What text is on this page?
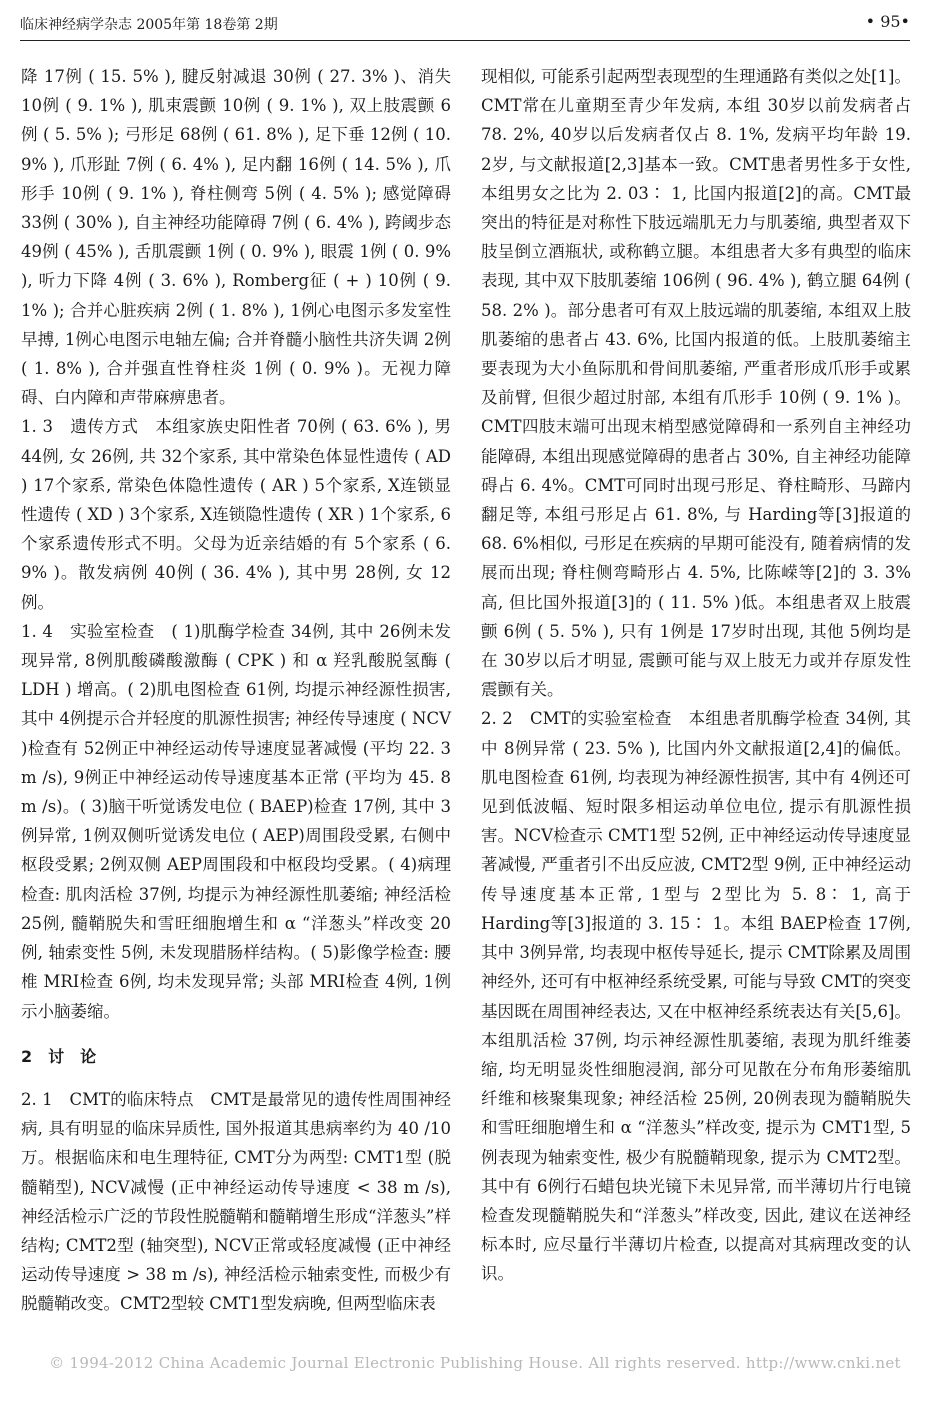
临床神经病学杂志 2005年第 18卷第 2期	• 95•

降 17例 ( 15. 5% ), 腱反射减退 30例 ( 27. 3% )、消失 10例 ( 9. 1% ), 肌束震颤 10例 ( 9. 1% ), 双上肢震颤 6例 ( 5. 5% ); 弓形足 68例 ( 61. 8% ), 足下垂 12例 ( 10. 9% ), 爪形趾 7例 ( 6. 4% ), 足内翻 16例 ( 14. 5% ), 爪形手 10例 ( 9. 1% ), 脊柱侧弯 5例 ( 4. 5% ); 感觉障碍 33例 ( 30% ), 自主神经功能障碍 7例 ( 6. 4% ), 跨阈步态 49例 ( 45% ), 舌肌震颤 1例 ( 0. 9% ), 眼震 1例 ( 0. 9% ), 听力下降 4例 ( 3. 6% ), Romberg征 ( + ) 10例 ( 9. 1% ); 合并心脏疾病 2例 ( 1. 8% ), 1例心电图示多发室性早搏, 1例心电图示电轴左偏; 合并脊髓小脑性共济失调 2例 ( 1. 8% ), 合并强直性脊柱炎 1例 ( 0. 9% )。无视力障碍、白内障和声带麻痹患者。

1. 3　遗传方式　本组家族史阳性者 70例 ( 63. 6% ), 男 44例, 女 26例, 共 32个家系, 其中常染色体显性遗传 ( AD ) 17个家系, 常染色体隐性遗传 ( AR ) 5个家系, X连锁显性遗传 ( XD ) 3个家系, X连锁隐性遗传 ( XR ) 1个家系, 6个家系遗传形式不明。父母为近亲结婚的有 5个家系 ( 6. 9% )。散发病例 40例 ( 36. 4% ), 其中男 28例, 女 12例。

1. 4　实验室检查　( 1)肌酶学检查 34例, 其中 26例未发现异常, 8例肌酸磷酸激酶 ( CPK ) 和 α 羟乳酸脱氢酶 ( LDH ) 增高。( 2)肌电图检查 61例, 均提示神经源性损害, 其中 4例提示合并轻度的肌源性损害; 神经传导速度 ( NCV )检查有 52例正中神经运动传导速度显著减慢 (平均 22. 3 m /s), 9例正中神经运动传导速度基本正常 (平均为 45. 8 m /s)。( 3)脑干听觉诱发电位 ( BAEP)检查 17例, 其中 3例异常, 1例双侧听觉诱发电位 ( AEP)周围段受累, 右侧中枢段受累; 2例双侧 AEP周围段和中枢段均受累。( 4)病理检查: 肌肉活检 37例, 均提示为神经源性肌萎缩; 神经活检 25例, 髓鞘脱失和雪旺细胞增生和 α “洋葱头”样改变 20例, 轴索变性 5例, 未发现腊肠样结构。( 5)影像学检查: 腰椎 MRI检查 6例, 均未发现异常; 头部 MRI检查 4例, 1例示小脑萎缩。

2　讨　论

2. 1　CMT的临床特点　CMT是最常见的遗传性周围神经病, 具有明显的临床异质性, 国外报道其患病率约为 40 /10万。根据临床和电生理特征, CMT分为两型: CMT1型 (脱髓鞘型), NCV减慢 (正中神经运动传导速度 < 38 m /s), 神经活检示广泛的节段性脱髓鞘和髓鞘增生形成“洋葱头”样结构; CMT2型 (轴突型), NCV正常或轻度减慢 (正中神经运动传导速度 > 38 m /s), 神经活检示轴索变性, 而极少有脱髓鞘改变。CMT2型较 CMT1型发病晚, 但两型临床表

现相似, 可能系引起两型表现型的生理通路有类似之处[1]。CMT常在儿童期至青少年发病, 本组 30岁以前发病者占 78. 2%, 40岁以后发病者仅占 8. 1%, 发病平均年龄 19. 2岁, 与文献报道[2,3]基本一致。CMT患者男性多于女性, 本组男女之比为 2. 03∶ 1, 比国内报道[2]的高。CMT最突出的特征是对称性下肢远端肌无力与肌萎缩, 典型者双下肢呈倒立酒瓶状, 或称鹤立腿。本组患者大多有典型的临床表现, 其中双下肢肌萎缩 106例 ( 96. 4% ), 鹤立腿 64例 ( 58. 2% )。部分患者可有双上肢远端的肌萎缩, 本组双上肢肌萎缩的患者占 43. 6%, 比国内报道的低。上肢肌萎缩主要表现为大小鱼际肌和骨间肌萎缩, 严重者形成爪形手或累及前臂, 但很少超过肘部, 本组有爪形手 10例 ( 9. 1% )。CMT四肢末端可出现末梢型感觉障碍和一系列自主神经功能障碍, 本组出现感觉障碍的患者占 30%, 自主神经功能障碍占 6. 4%。CMT可同时出现弓形足、脊柱畸形、马蹄内翻足等, 本组弓形足占 61. 8%, 与 Harding等[3]报道的 68. 6%相似, 弓形足在疾病的早期可能没有, 随着病情的发展而出现; 脊柱侧弯畸形占 4. 5%, 比陈嵘等[2]的 3. 3%高, 但比国外报道[3]的 ( 11. 5% )低。本组患者双上肢震颤 6例 ( 5. 5% ), 只有 1例是 17岁时出现, 其他 5例均是在 30岁以后才明显, 震颤可能与双上肢无力或并存原发性震颤有关。

2. 2　CMT的实验室检查　本组患者肌酶学检查 34例, 其中 8例异常 ( 23. 5% ), 比国内外文献报道[2,4]的偏低。肌电图检查 61例, 均表现为神经源性损害, 其中有 4例还可见到低波幅、短时限多相运动单位电位, 提示有肌源性损害。NCV检查示 CMT1型 52例, 正中神经运动传导速度显著减慢, 严重者引不出反应波, CMT2型 9例, 正中神经运动传导速度基本正常, 1型与 2型比为 5. 8∶ 1, 高于 Harding等[3]报道的 3. 15∶ 1。本组 BAEP检查 17例, 其中 3例异常, 均表现中枢传导延长, 提示 CMT除累及周围神经外, 还可有中枢神经系统受累, 可能与导致 CMT的突变基因既在周围神经表达, 又在中枢神经系统表达有关[5,6]。本组肌活检 37例, 均示神经源性肌萎缩, 表现为肌纤维萎缩, 均无明显炎性细胞浸润, 部分可见散在分布角形萎缩肌纤维和核聚集现象; 神经活检 25例, 20例表现为髓鞘脱失和雪旺细胞增生和 α “洋葱头”样改变, 提示为 CMT1型, 5例表现为轴索变性, 极少有脱髓鞘现象, 提示为 CMT2型。其中有 6例行石蜡包块光镜下未见异常, 而半薄切片行电镜检查发现髓鞘脱失和“洋葱头”样改变, 因此, 建议在送神经标本时, 应尽量行半薄切片检查, 以提高对其病理改变的认识。

© 1994-2012 China Academic Journal Electronic Publishing House. All rights reserved. http://www.cnki.net
